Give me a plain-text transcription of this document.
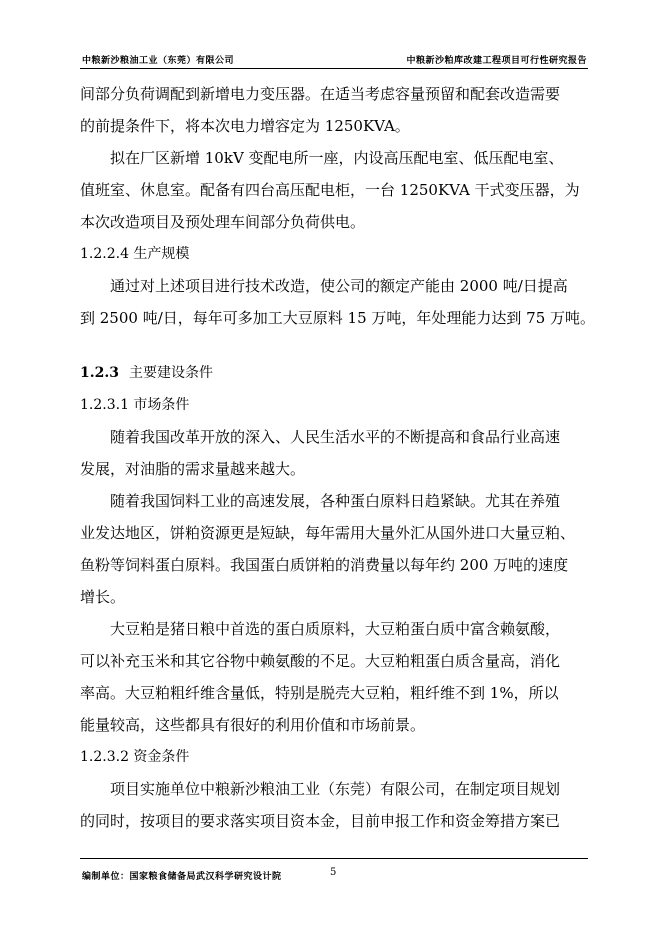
中粮新沙粮油工业（东莞）有限公司	中粮新沙粕库改建工程项目可行性研究报告

间部分负荷调配到新增电力变压器。在适当考虑容量预留和配套改造需要

的前提条件下，将本次电力增容定为 1250KVA。

拟在厂区新增 10kV 变配电所一座，内设高压配电室、低压配电室、

值班室、休息室。配备有四台高压配电柜，一台 1250KVA 干式变压器，为

本次改造项目及预处理车间部分负荷供电。

1.2.2.4 生产规模

通过对上述项目进行技术改造，使公司的额定产能由 2000 吨/日提高

到 2500 吨/日，每年可多加工大豆原料 15 万吨，年处理能力达到 75 万吨。

1.2.3 主要建设条件

1.2.3.1 市场条件

随着我国改革开放的深入、人民生活水平的不断提高和食品行业高速

发展，对油脂的需求量越来越大。

随着我国饲料工业的高速发展，各种蛋白原料日趋紧缺。尤其在养殖

业发达地区，饼粕资源更是短缺，每年需用大量外汇从国外进口大量豆粕、

鱼粉等饲料蛋白原料。我国蛋白质饼粕的消费量以每年约 200 万吨的速度

增长。

大豆粕是猪日粮中首选的蛋白质原料，大豆粕蛋白质中富含赖氨酸，

可以补充玉米和其它谷物中赖氨酸的不足。大豆粕粗蛋白质含量高，消化

率高。大豆粕粗纤维含量低，特别是脱壳大豆粕，粗纤维不到 1%，所以

能量较高，这些都具有很好的利用价值和市场前景。

1.2.3.2 资金条件

项目实施单位中粮新沙粮油工业（东莞）有限公司，在制定项目规划

的同时，按项目的要求落实项目资本金，目前申报工作和资金筹措方案已

编制单位：国家粮食储备局武汉科学研究设计院	5
